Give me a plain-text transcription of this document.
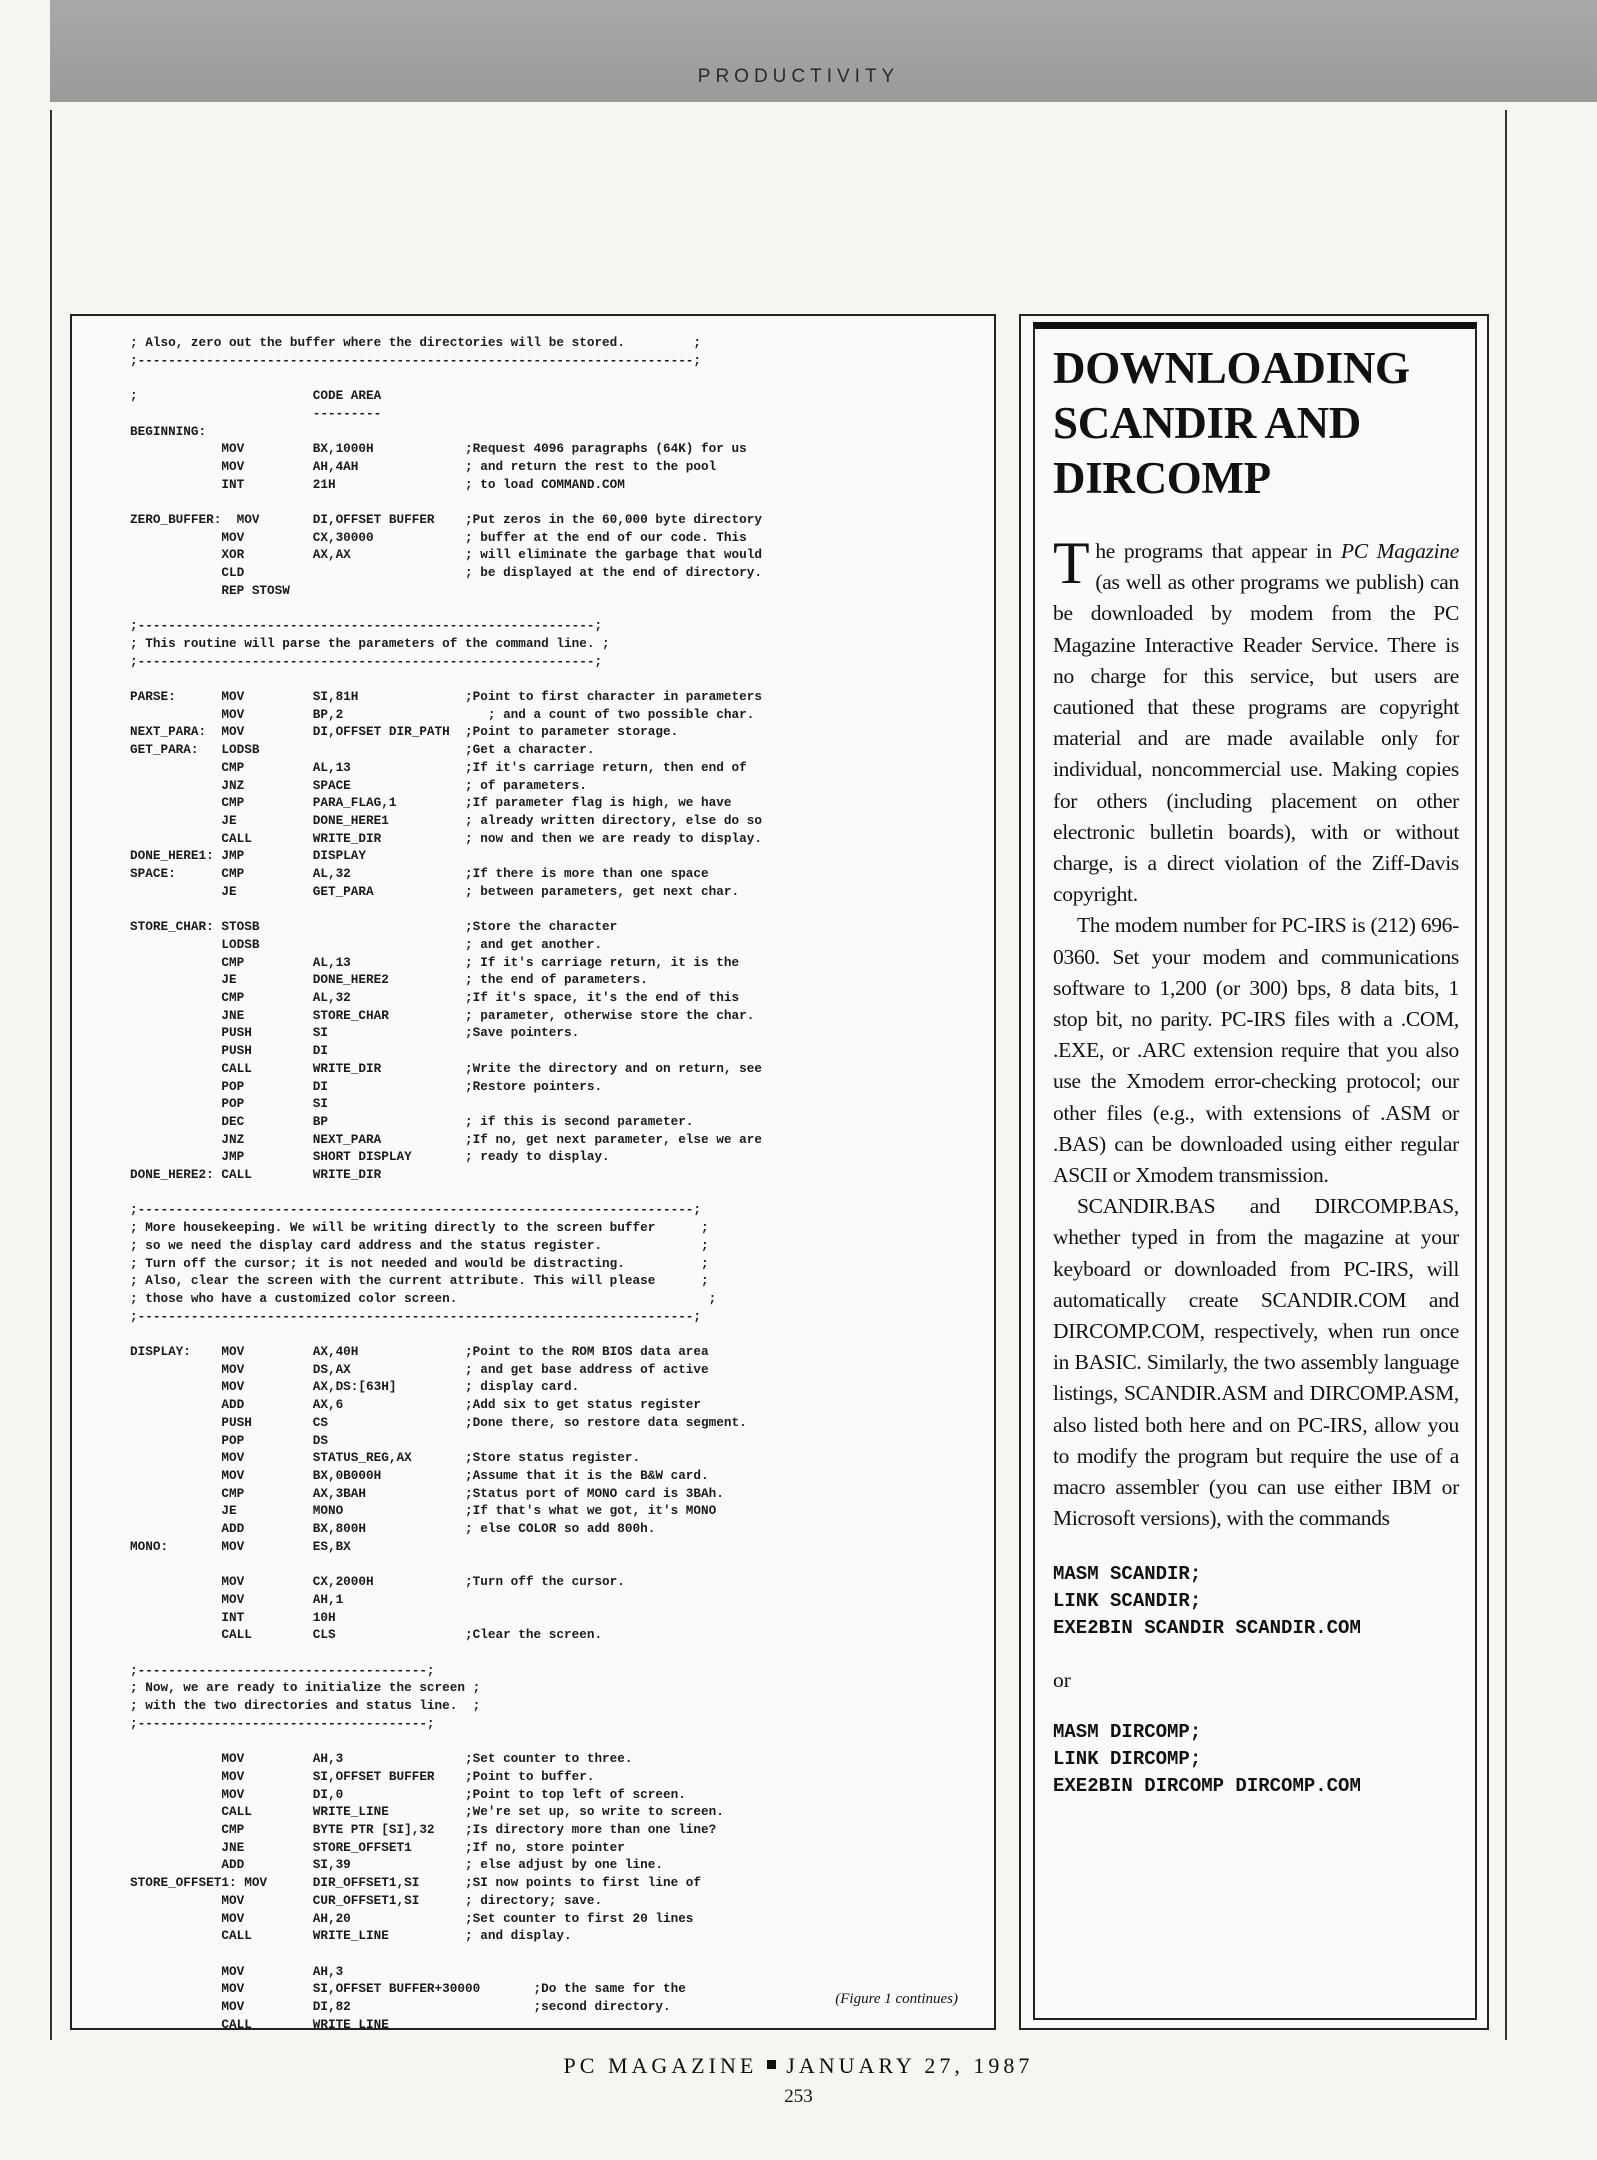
PRODUCTIVITY
; Also, zero out the buffer where the directories will be stored.         ;
;-------------------------------------------------------------------------;

;                       CODE AREA
---------
BEGINNING:
MOV         BX,1000H            ;Request 4096 paragraphs (64K) for us
MOV         AH,4AH              ; and return the rest to the pool
INT         21H                 ; to load COMMAND.COM

ZERO_BUFFER:  MOV       DI,OFFSET BUFFER    ;Put zeros in the 60,000 byte directory
MOV         CX,30000            ; buffer at the end of our code. This
XOR         AX,AX               ; will eliminate the garbage that would
CLD                             ; be displayed at the end of directory.
REP STOSW

;------------------------------------------------------------;
; This routine will parse the parameters of the command line. ;
;------------------------------------------------------------;

PARSE:      MOV         SI,81H              ;Point to first character in parameters
MOV         BP,2                   ; and a count of two possible char.
NEXT_PARA:  MOV         DI,OFFSET DIR_PATH  ;Point to parameter storage.
GET_PARA:   LODSB                           ;Get a character.
CMP         AL,13               ;If it's carriage return, then end of
JNZ         SPACE               ; of parameters.
CMP         PARA_FLAG,1         ;If parameter flag is high, we have
JE          DONE_HERE1          ; already written directory, else do so
CALL        WRITE_DIR           ; now and then we are ready to display.
DONE_HERE1: JMP         DISPLAY
SPACE:      CMP         AL,32               ;If there is more than one space
JE          GET_PARA            ; between parameters, get next char.

STORE_CHAR: STOSB                           ;Store the character
LODSB                           ; and get another.
CMP         AL,13               ; If it's carriage return, it is the
JE          DONE_HERE2          ; the end of parameters.
CMP         AL,32               ;If it's space, it's the end of this
JNE         STORE_CHAR          ; parameter, otherwise store the char.
PUSH        SI                  ;Save pointers.
PUSH        DI
CALL        WRITE_DIR           ;Write the directory and on return, see
POP         DI                  ;Restore pointers.
POP         SI
DEC         BP                  ; if this is second parameter.
JNZ         NEXT_PARA           ;If no, get next parameter, else we are
JMP         SHORT DISPLAY       ; ready to display.
DONE_HERE2: CALL        WRITE_DIR

;-------------------------------------------------------------------------;
; More housekeeping. We will be writing directly to the screen buffer      ;
; so we need the display card address and the status register.             ;
; Turn off the cursor; it is not needed and would be distracting.          ;
; Also, clear the screen with the current attribute. This will please      ;
; those who have a customized color screen.                                 ;
;-------------------------------------------------------------------------;

DISPLAY:    MOV         AX,40H              ;Point to the ROM BIOS data area
MOV         DS,AX               ; and get base address of active
MOV         AX,DS:[63H]         ; display card.
ADD         AX,6                ;Add six to get status register
PUSH        CS                  ;Done there, so restore data segment.
POP         DS
MOV         STATUS_REG,AX       ;Store status register.
MOV         BX,0B000H           ;Assume that it is the B&W card.
CMP         AX,3BAH             ;Status port of MONO card is 3BAh.
JE          MONO                ;If that's what we got, it's MONO
ADD         BX,800H             ; else COLOR so add 800h.
MONO:       MOV         ES,BX

MOV         CX,2000H            ;Turn off the cursor.
MOV         AH,1
INT         10H
CALL        CLS                 ;Clear the screen.

;--------------------------------------;
; Now, we are ready to initialize the screen ;
; with the two directories and status line.  ;
;--------------------------------------;

MOV         AH,3                ;Set counter to three.
MOV         SI,OFFSET BUFFER    ;Point to buffer.
MOV         DI,0                ;Point to top left of screen.
CALL        WRITE_LINE          ;We're set up, so write to screen.
CMP         BYTE PTR [SI],32    ;Is directory more than one line?
JNE         STORE_OFFSET1       ;If no, store pointer
ADD         SI,39               ; else adjust by one line.
STORE_OFFSET1: MOV      DIR_OFFSET1,SI      ;SI now points to first line of
MOV         CUR_OFFSET1,SI      ; directory; save.
MOV         AH,20               ;Set counter to first 20 lines
CALL        WRITE_LINE          ; and display.

MOV         AH,3
MOV         SI,OFFSET BUFFER+30000       ;Do the same for the
MOV         DI,82                        ;second directory.
CALL        WRITE_LINE
(Figure 1 continues)
DOWNLOADING SCANDIR AND DIRCOMP

The programs that appear in PC Magazine (as well as other programs we publish) can be downloaded by modem from the PC Magazine Interactive Reader Service. There is no charge for this service, but users are cautioned that these programs are copyright material and are made available only for individual, noncommercial use. Making copies for others (including placement on other electronic bulletin boards), with or without charge, is a direct violation of the Ziff-Davis copyright.

The modem number for PC-IRS is (212) 696-0360. Set your modem and communications software to 1,200 (or 300) bps, 8 data bits, 1 stop bit, no parity. PC-IRS files with a .COM, .EXE, or .ARC extension require that you also use the Xmodem error-checking protocol; our other files (e.g., with extensions of .ASM or .BAS) can be downloaded using either regular ASCII or Xmodem transmission.

SCANDIR.BAS and DIRCOMP.BAS, whether typed in from the magazine at your keyboard or downloaded from PC-IRS, will automatically create SCANDIR.COM and DIRCOMP.COM, respectively, when run once in BASIC. Similarly, the two assembly language listings, SCANDIR.ASM and DIRCOMP.ASM, also listed both here and on PC-IRS, allow you to modify the program but require the use of a macro assembler (you can use either IBM or Microsoft versions), with the commands

MASM SCANDIR;
LINK SCANDIR;
EXE2BIN SCANDIR SCANDIR.COM
or
MASM DIRCOMP;
LINK DIRCOMP;
EXE2BIN DIRCOMP DIRCOMP.COM
PC MAGAZINE JANUARY 27, 1987
253
